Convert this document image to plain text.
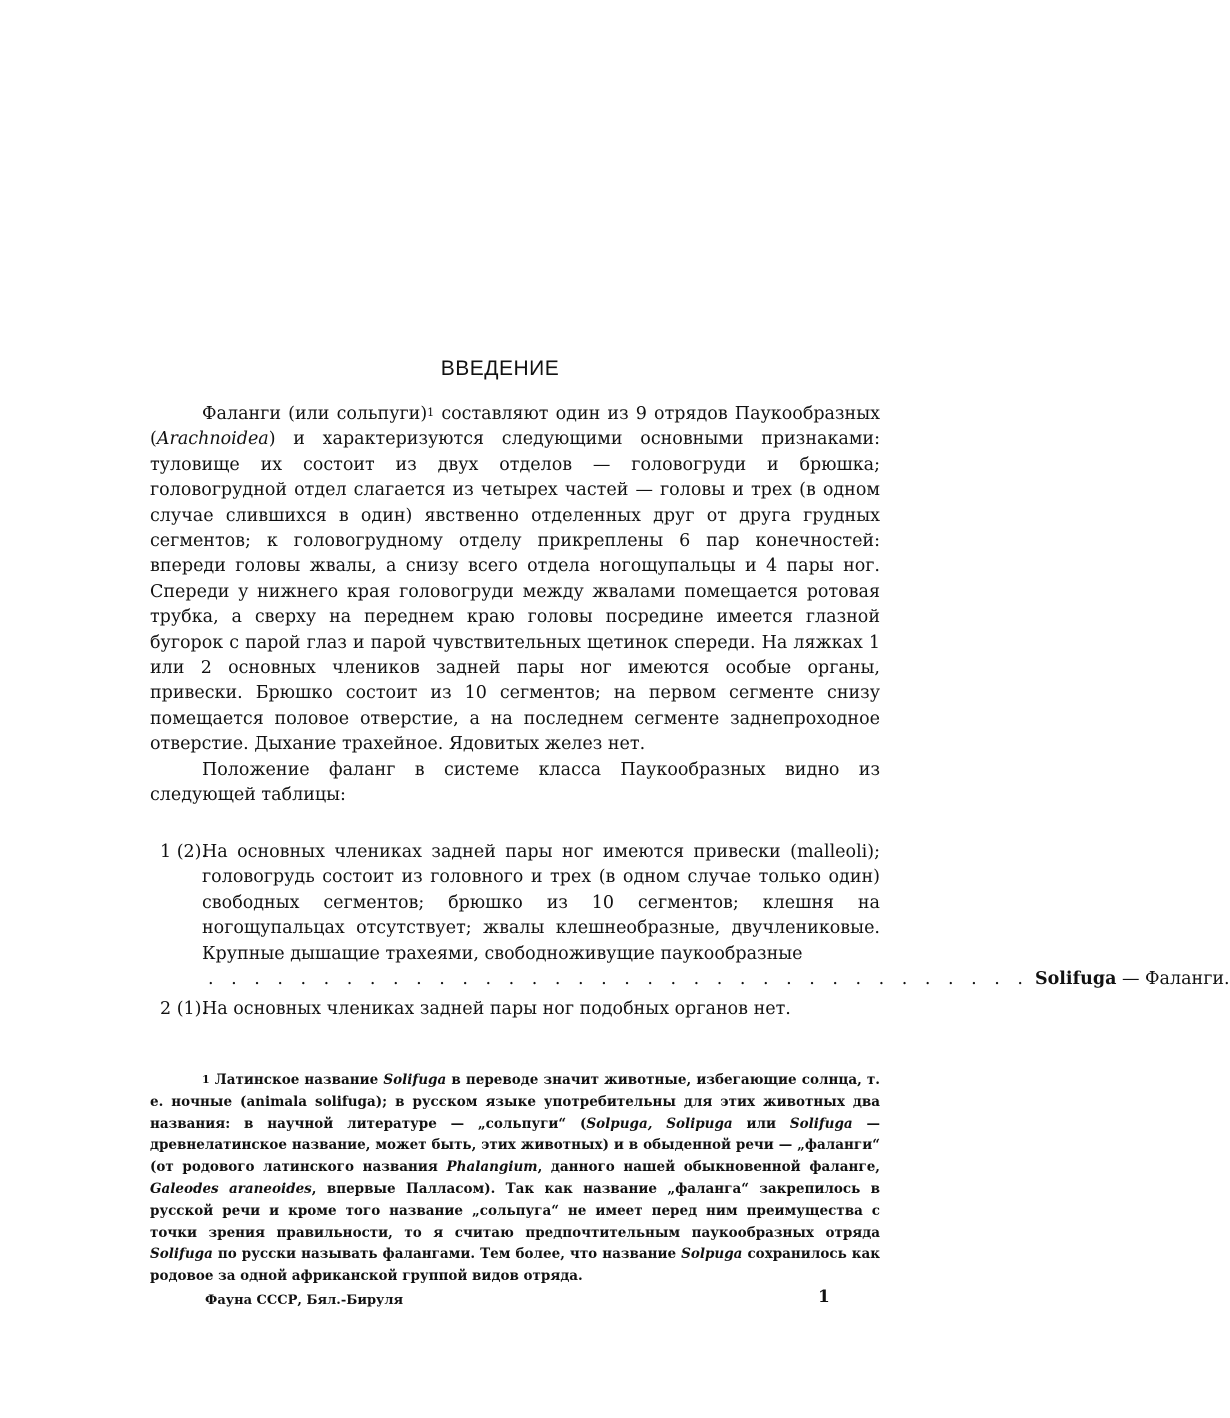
ВВЕДЕНИЕ

Фаланги (или сольпуги)$^1$ составляют один из 9 отрядов Паукообразных (Arachnoidea) и характеризуются следующими основными признаками: туловище их состоит из двух отделов — головогруди и брюшка; головогрудной отдел слагается из четырех частей — головы и трех (в одном случае слившихся в один) явственно отделенных друг от друга грудных сегментов; к головогрудному отделу прикреплены 6 пар конечностей: впереди головы жвалы, а снизу всего отдела ногощупальцы и 4 пары ног. Спереди у нижнего края головогруди между жвалами помещается ротовая трубка, а сверху на переднем краю головы посредине имеется глазной бугорок с парой глаз и парой чувствительных щетинок спереди. На ляжках 1 или 2 основных члеников задней пары ног имеются особые органы, привески. Брюшко состоит из 10 сегментов; на первом сегменте снизу помещается половое отверстие, а на последнем сегменте заднепроходное отверстие. Дыхание трахейное. Ядовитых желез нет.

Положение фаланг в системе класса Паукообразных видно из следующей таблицы:

1 (2).
На основных члениках задней пары ног имеются привески (malleoli); головогрудь состоит из головного и трех (в одном случае только один) свободных сегментов; брюшко из 10 сегментов; клешня на ногощупальцах отсутствует; жвалы клешнеобразные, двучлениковые. Крупные дышащие трахеями, свободноживущие паукообразные
. . . . . . . . . . . . . . . . . . . . . . . . . . . . . . . . . . . . Solifuga — Фаланги.
2 (1).
На основных члениках задней пары ног подобных органов нет.

$^1$ Латинское название Solifuga в переводе значит животные, избегающие солнца, т. е. ночные (animala solifuga); в русском языке употребительны для этих животных два названия: в научной литературе — „сольпуги“ (Solpuga, Solipuga или Solifuga — древнелатинское название, может быть, этих животных) и в обыденной речи — „фаланги“ (от родового латинского названия Phalangium, данного нашей обыкновенной фаланге, Galeodes araneoides, впервые Палласом). Так как название „фаланга“ закрепилось в русской речи и кроме того название „сольпуга“ не имеет перед ним преимущества с точки зрения правильности, то я считаю предпочтительным паукообразных отряда Solifuga по русски называть фалангами. Тем более, что название Solpuga сохранилось как родовое за одной африканской группой видов отряда.

Фауна СССР, Бял.-Бируля	1
